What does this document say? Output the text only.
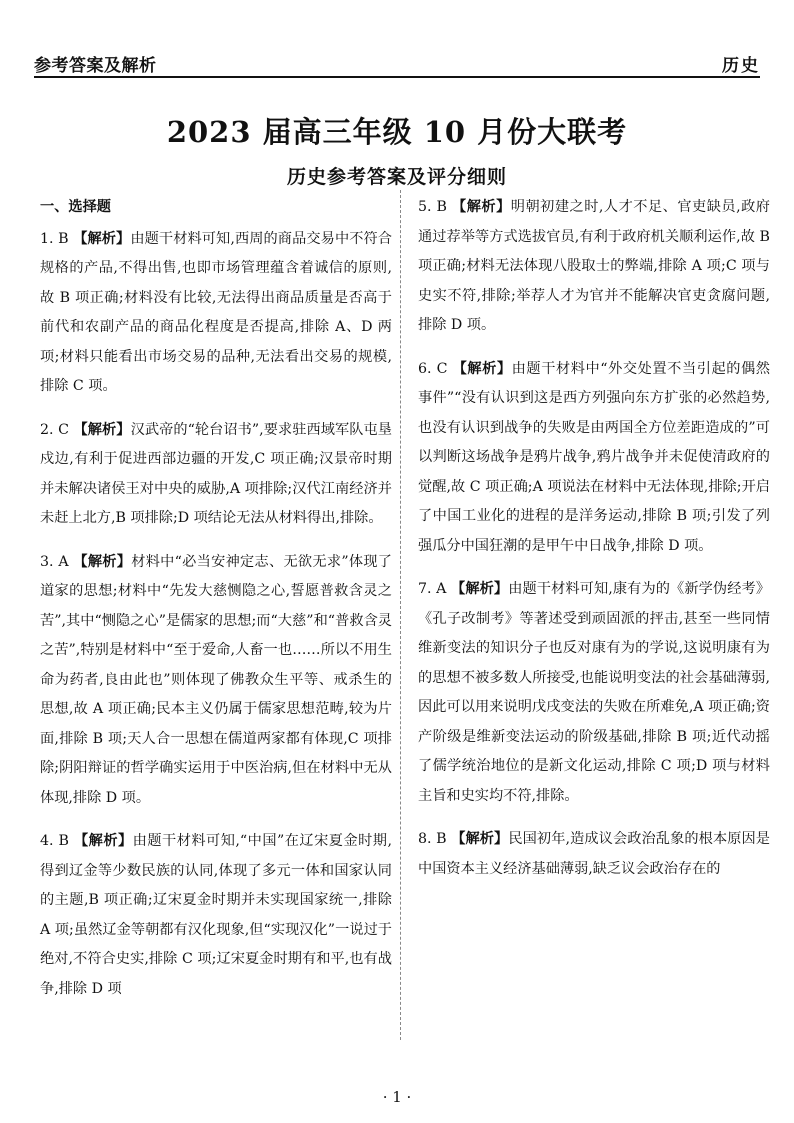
参考答案及解析	历史
2023 届高三年级 10 月份大联考
历史参考答案及评分细则
一、选择题

1. B 【解析】由题干材料可知,西周的商品交易中不符合规格的产品,不得出售,也即市场管理蕴含着诚信的原则,故 B 项正确;材料没有比较,无法得出商品质量是否高于前代和农副产品的商品化程度是否提高,排除 A、D 两项;材料只能看出市场交易的品种,无法看出交易的规模,排除 C 项。

2. C 【解析】汉武帝的“轮台诏书”,要求驻西域军队屯垦戍边,有利于促进西部边疆的开发,C 项正确;汉景帝时期并未解决诸侯王对中央的威胁,A 项排除;汉代江南经济并未赶上北方,B 项排除;D 项结论无法从材料得出,排除。

3. A 【解析】材料中“必当安神定志、无欲无求”体现了道家的思想;材料中“先发大慈恻隐之心,誓愿普救含灵之苦”,其中“恻隐之心”是儒家的思想;而“大慈”和“普救含灵之苦”,特别是材料中“至于爱命,人畜一也……所以不用生命为药者,良由此也”则体现了佛教众生平等、戒杀生的思想,故 A 项正确;民本主义仍属于儒家思想范畴,较为片面,排除 B 项;天人合一思想在儒道两家都有体现,C 项排除;阴阳辩证的哲学确实运用于中医治病,但在材料中无从体现,排除 D 项。

4. B 【解析】由题干材料可知,“中国”在辽宋夏金时期,得到辽金等少数民族的认同,体现了多元一体和国家认同的主题,B 项正确;辽宋夏金时期并未实现国家统一,排除 A 项;虽然辽金等朝都有汉化现象,但“实现汉化”一说过于绝对,不符合史实,排除 C 项;辽宋夏金时期有和平,也有战争,排除 D 项

5. B 【解析】明朝初建之时,人才不足、官吏缺员,政府通过荐举等方式选拔官员,有利于政府机关顺利运作,故 B 项正确;材料无法体现八股取士的弊端,排除 A 项;C 项与史实不符,排除;举荐人才为官并不能解决官吏贪腐问题,排除 D 项。

6. C 【解析】由题干材料中“外交处置不当引起的偶然事件”“没有认识到这是西方列强向东方扩张的必然趋势,也没有认识到战争的失败是由两国全方位差距造成的”可以判断这场战争是鸦片战争,鸦片战争并未促使清政府的觉醒,故 C 项正确;A 项说法在材料中无法体现,排除;开启了中国工业化的进程的是洋务运动,排除 B 项;引发了列强瓜分中国狂潮的是甲午中日战争,排除 D 项。

7. A 【解析】由题干材料可知,康有为的《新学伪经考》《孔子改制考》等著述受到顽固派的抨击,甚至一些同情维新变法的知识分子也反对康有为的学说,这说明康有为的思想不被多数人所接受,也能说明变法的社会基础薄弱,因此可以用来说明戊戌变法的失败在所难免,A 项正确;资产阶级是维新变法运动的阶级基础,排除 B 项;近代动摇了儒学统治地位的是新文化运动,排除 C 项;D 项与材料主旨和史实均不符,排除。

8. B 【解析】民国初年,造成议会政治乱象的根本原因是中国资本主义经济基础薄弱,缺乏议会政治存在的

· 1 ·
